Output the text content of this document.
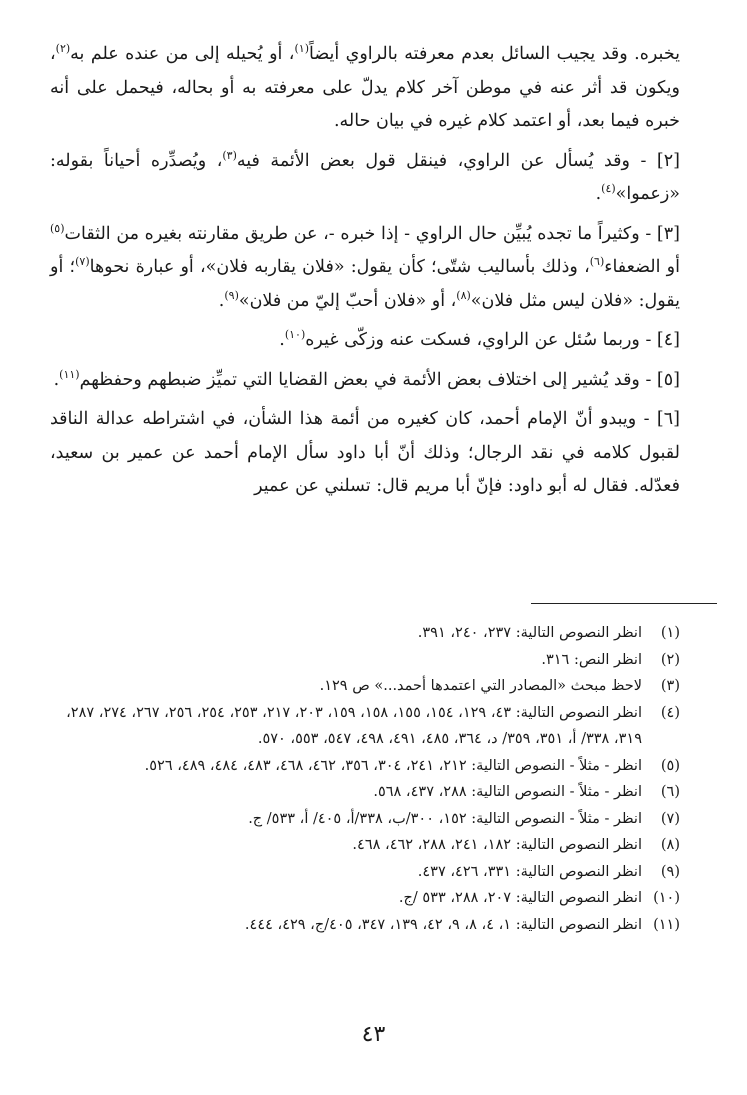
يخبره. وقد يجيب السائل بعدم معرفته بالراوي أيضاً$^{(١)}$، أو يُحيله إلى من عنده علم به$^{(٢)}$، ويكون قد أثر عنه في موطن آخر كلام يدلّ على معرفته به أو بحاله، فيحمل على أنه خبره فيما بعد، أو اعتمد كلام غيره في بيان حاله.

[٢] - وقد يُسأل عن الراوي، فينقل قول بعض الأئمة فيه$^{(٣)}$، ويُصدِّره أحياناً بقوله: «زعموا»$^{(٤)}$.

[٣] - وكثيراً ما تجده يُبيِّن حال الراوي - إذا خبره -، عن طريق مقارنته بغيره من الثقات$^{(٥)}$ أو الضعفاء$^{(٦)}$، وذلك بأساليب شتّى؛ كأن يقول: «فلان يقاربه فلان»، أو عبارة نحوها$^{(٧)}$؛ أو يقول: «فلان ليس مثل فلان»$^{(٨)}$، أو «فلان أحبّ إليّ من فلان»$^{(٩)}$.

[٤] - وربما سُئل عن الراوي، فسكت عنه وزكّى غيره$^{(١٠)}$.

[٥] - وقد يُشير إلى اختلاف بعض الأئمة في بعض القضايا التي تميِّز ضبطهم وحفظهم$^{(١١)}$.

[٦] - ويبدو أنّ الإمام أحمد، كان كغيره من أئمة هذا الشأن، في اشتراطه عدالة الناقد لقبول كلامه في نقد الرجال؛ وذلك أنّ أبا داود سأل الإمام أحمد عن عمير بن سعيد، فعدّله. فقال له أبو داود: فإنّ أبا مريم قال: تسلني عن عمير

(١)
انظر النصوص التالية: ٢٣٧، ٢٤٠، ٣٩١.
(٢)
انظر النص: ٣١٦.
(٣)
لاحظ مبحث «المصادر التي اعتمدها أحمد...» ص ١٢٩.
(٤)
انظر النصوص التالية: ٤٣، ١٢٩، ١٥٤، ١٥٥، ١٥٨، ١٥٩، ٢٠٣، ٢١٧، ٢٥٣، ٢٥٤، ٢٥٦، ٢٦٧، ٢٧٤، ٢٨٧، ٣١٩، ٣٣٨/ أ، ٣٥١، ٣٥٩/ د، ٣٦٤، ٤٨٥، ٤٩١، ٤٩٨، ٥٤٧، ٥٥٣، ٥٧٠.
(٥)
انظر - مثلاً - النصوص التالية: ٢١٢، ٢٤١، ٣٠٤، ٣٥٦، ٤٦٢، ٤٦٨، ٤٨٣، ٤٨٤، ٤٨٩، ٥٢٦.
(٦)
انظر - مثلاً - النصوص التالية: ٢٨٨، ٤٣٧، ٥٦٨.
(٧)
انظر - مثلاً - النصوص التالية: ١٥٢، ٣٠٠/ب، ٣٣٨/أ، ٤٠٥/ أ، ٥٣٣/ ج.
(٨)
انظر النصوص التالية: ١٨٢، ٢٤١، ٢٨٨، ٤٦٢، ٤٦٨.
(٩)
انظر النصوص التالية: ٣٣١، ٤٢٦، ٤٣٧.
(١٠)
انظر النصوص التالية: ٢٠٧، ٢٨٨، ٥٣٣ /ج.
(١١)
انظر النصوص التالية: ١، ٤، ٨، ٩، ٤٢، ١٣٩، ٣٤٧، ٤٠٥/ج، ٤٢٩، ٤٤٤.
٤٣
